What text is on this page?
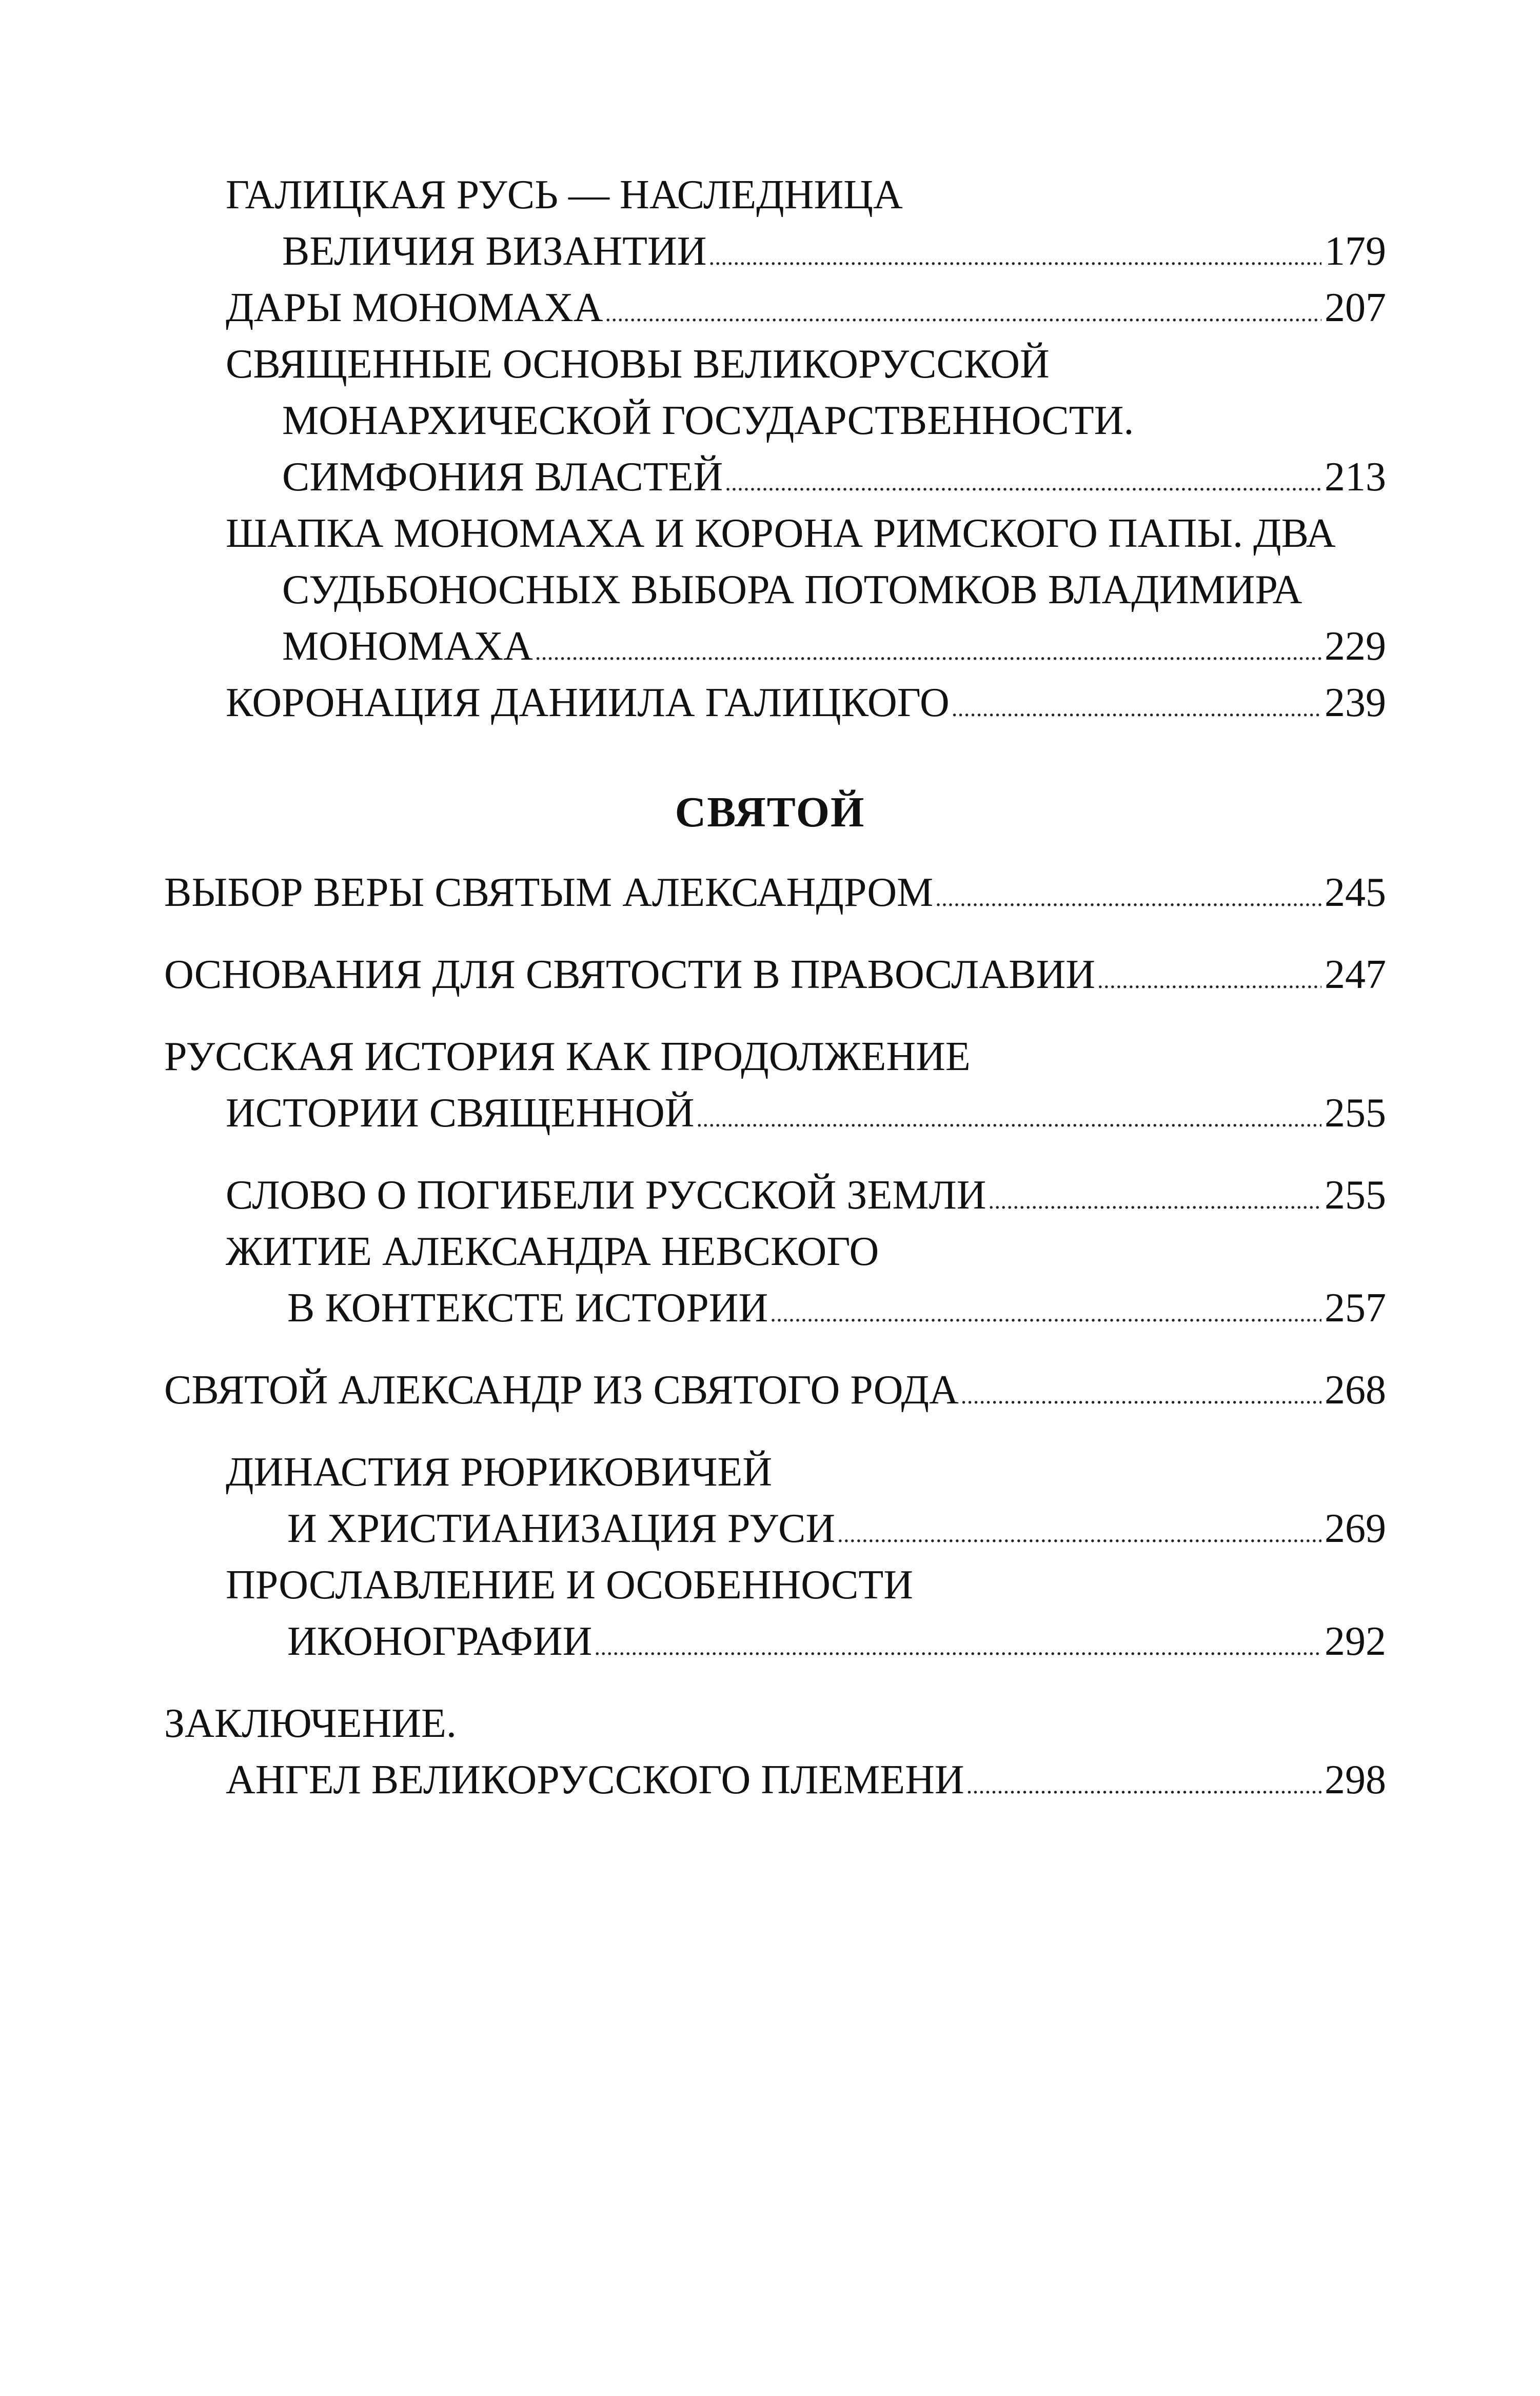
ГАЛИЦКАЯ РУСЬ — НАСЛЕДНИЦА
ВЕЛИЧИЯ ВИЗАНТИИ .....	179
ДАРЫ МОНОМАХА .....	207
СВЯЩЕННЫЕ ОСНОВЫ ВЕЛИКОРУССКОЙ
МОНАРХИЧЕСКОЙ ГОСУДАРСТВЕННОСТИ.
СИМФОНИЯ ВЛАСТЕЙ .....	213
ШАПКА МОНОМАХА И КОРОНА РИМСКОГО ПАПЫ. ДВА
СУДЬБОНОСНЫХ ВЫБОРА ПОТОМКОВ ВЛАДИМИРА
МОНОМАХА .....	229
КОРОНАЦИЯ ДАНИИЛА ГАЛИЦКОГО .....	239
СВЯТОЙ
ВЫБОР ВЕРЫ СВЯТЫМ АЛЕКСАНДРОМ .....	245
ОСНОВАНИЯ ДЛЯ СВЯТОСТИ В ПРАВОСЛАВИИ .....	247
РУССКАЯ ИСТОРИЯ КАК ПРОДОЛЖЕНИЕ
ИСТОРИИ СВЯЩЕННОЙ .....	255
СЛОВО О ПОГИБЕЛИ РУССКОЙ ЗЕМЛИ .....	255
ЖИТИЕ АЛЕКСАНДРА НЕВСКОГО
В КОНТЕКСТЕ ИСТОРИИ .....	257
СВЯТОЙ АЛЕКСАНДР ИЗ СВЯТОГО РОДА .....	268
ДИНАСТИЯ РЮРИКОВИЧЕЙ
И ХРИСТИАНИЗАЦИЯ РУСИ .....	269
ПРОСЛАВЛЕНИЕ И ОСОБЕННОСТИ
ИКОНОГРАФИИ .....	292
ЗАКЛЮЧЕНИЕ.
АНГЕЛ ВЕЛИКОРУССКОГО ПЛЕМЕНИ .....	298
